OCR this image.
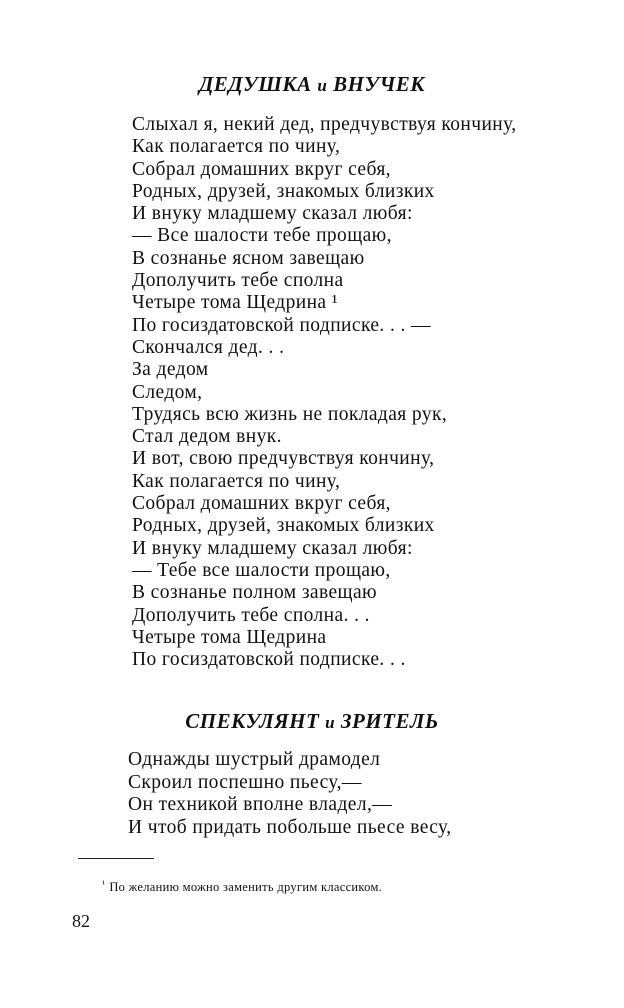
ДЕДУШКА и ВНУЧЕК
Слыхал я, некий дед, предчувствуя кончину,
Как полагается по чину,
Собрал домашних вкруг себя,
Родных, друзей, знакомых близких
И внуку младшему сказал любя:
— Все шалости тебе прощаю,
В сознанье ясном завещаю
Дополучить тебе сполна
Четыре тома Щедрина ¹
По госиздатовской подписке. . . —
Скончался дед. . .
За дедом
Следом,
Трудясь всю жизнь не покладая рук,
Стал дедом внук.
И вот, свою предчувствуя кончину,
Как полагается по чину,
Собрал домашних вкруг себя,
Родных, друзей, знакомых близких
И внуку младшему сказал любя:
— Тебе все шалости прощаю,
В сознанье полном завещаю
Дополучить тебе сполна. . .
Четыре тома Щедрина
По госиздатовской подписке. . .
СПЕКУЛЯНТ и ЗРИТЕЛЬ
Однажды шустрый драмодел
Скроил поспешно пьесу,—
Он техникой вполне владел,—
И чтоб придать побольше пьесе весу,
$^{^1}$ По желанию можно заменить другим классиком.
82
